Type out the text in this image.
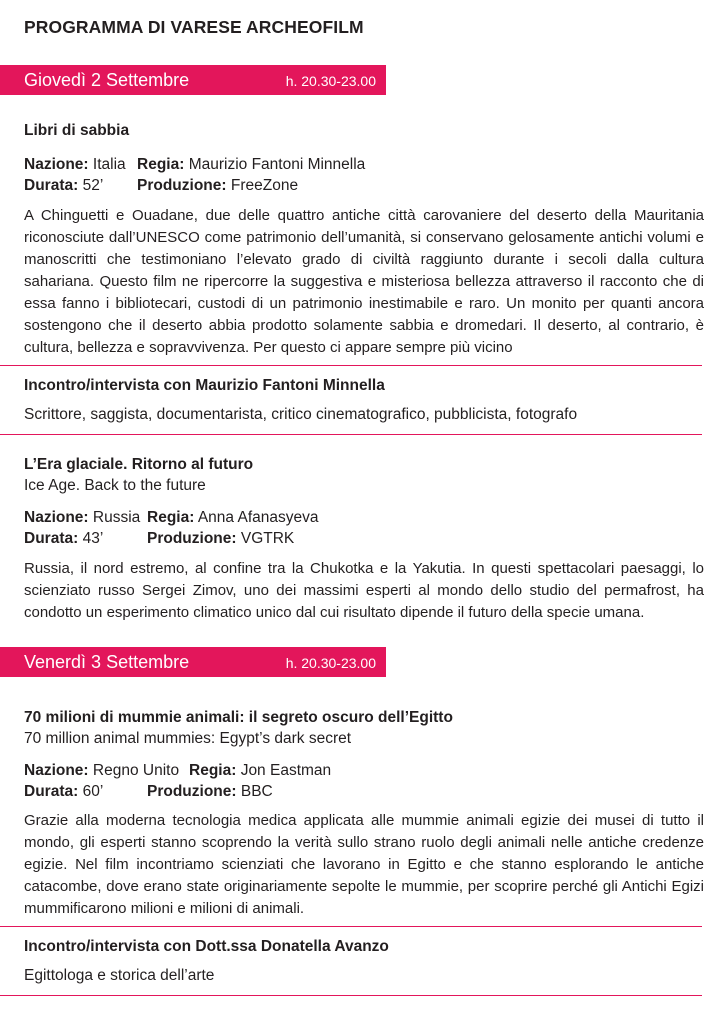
PROGRAMMA DI VARESE ARCHEOFILM
Giovedì 2 Settembre	h. 20.30-23.00
Libri di sabbia
Nazione: Italia Regia: Maurizio Fantoni Minnella
Durata: 52’ Produzione: FreeZone
A Chinguetti e Ouadane, due delle quattro antiche città carovaniere del deserto della Mauritania riconosciute dall’UNESCO come patrimonio dell’umanità, si conservano gelosamente antichi volumi e manoscritti che testimoniano l’elevato grado di civiltà raggiunto durante i secoli dalla cultura sahariana. Questo film ne ripercorre la suggestiva e misteriosa bellezza attraverso il racconto che di essa fanno i bibliotecari, custodi di un patrimonio inestimabile e raro. Un monito per quanti ancora sostengono che il deserto abbia prodotto solamente sabbia e dromedari. Il deserto, al contrario, è cultura, bellezza e sopravvivenza. Per questo ci appare sempre più vicino
Incontro/intervista con Maurizio Fantoni Minnella
Scrittore, saggista, documentarista, critico cinematografico, pubblicista, fotografo
L’Era glaciale. Ritorno al futuro
Ice Age. Back to the future
Nazione: Russia Regia: Anna Afanasyeva
Durata: 43’	Produzione: VGTRK
Russia, il nord estremo, al confine tra la Chukotka e la Yakutia. In questi spettacolari paesaggi, lo scienziato russo Sergei Zimov, uno dei massimi esperti al mondo dello studio del permafrost, ha condotto un esperimento climatico unico dal cui risultato dipende il futuro della specie umana.
Venerdì 3 Settembre	h. 20.30-23.00
70 milioni di mummie animali: il segreto oscuro dell’Egitto
70 million animal mummies: Egypt’s dark secret
Nazione: Regno Unito Regia: Jon Eastman
Durata: 60’	Produzione: BBC
Grazie alla moderna tecnologia medica applicata alle mummie animali egizie dei musei di tutto il mondo, gli esperti stanno scoprendo la verità sullo strano ruolo degli animali nelle antiche credenze egizie. Nel film incontriamo scienziati che lavorano in Egitto e che stanno esplorando le antiche catacombe, dove erano state originariamente sepolte le mummie, per scoprire perché gli Antichi Egizi mummificarono milioni e milioni di animali.
Incontro/intervista con Dott.ssa Donatella Avanzo
Egittologa e storica dell’arte
